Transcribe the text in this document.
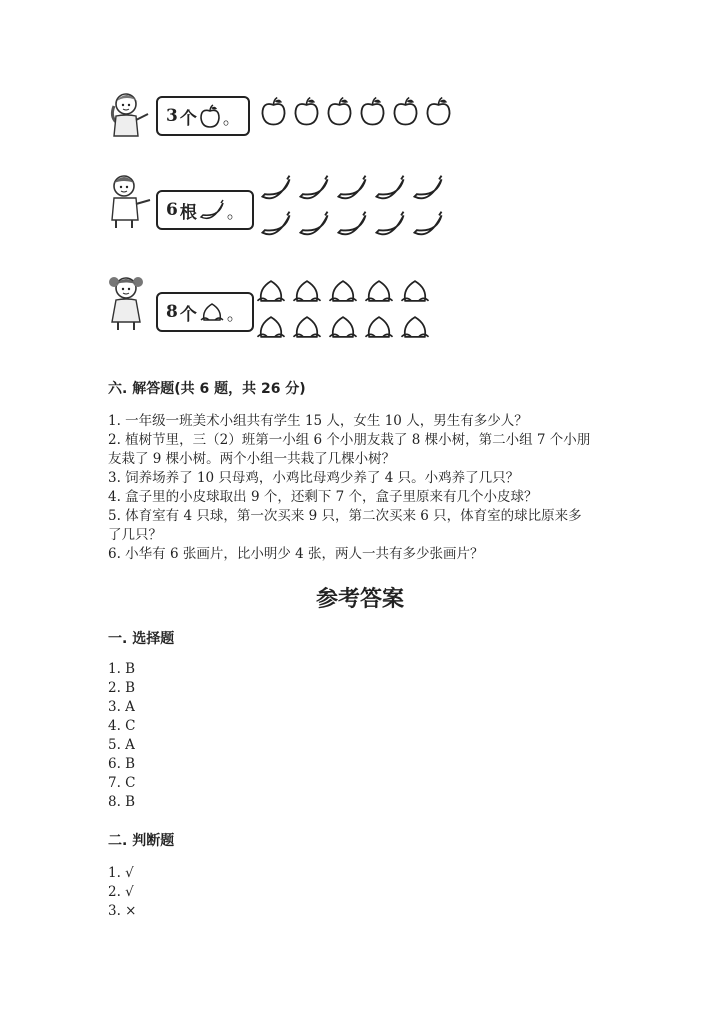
3 个 。
6 根 。
8 个 。
六. 解答题(共 6 题，共 26 分)
1. 一年级一班美术小组共有学生 15 人，女生 10 人，男生有多少人？
2. 植树节里，三（2）班第一小组 6 个小朋友栽了 8 棵小树，第二小组 7 个小朋
友栽了 9 棵小树。两个小组一共栽了几棵小树？
3. 饲养场养了 10 只母鸡，小鸡比母鸡少养了 4 只。小鸡养了几只？
4. 盒子里的小皮球取出 9 个，还剩下 7 个，盒子里原来有几个小皮球？
5. 体育室有 4 只球，第一次买来 9 只，第二次买来 6 只，体育室的球比原来多
了几只？
6. 小华有 6 张画片，比小明少 4 张，两人一共有多少张画片？
参考答案
一. 选择题
1. B
2. B
3. A
4. C
5. A
6. B
7. C
8. B
二. 判断题
1. √
2. √
3. ×
